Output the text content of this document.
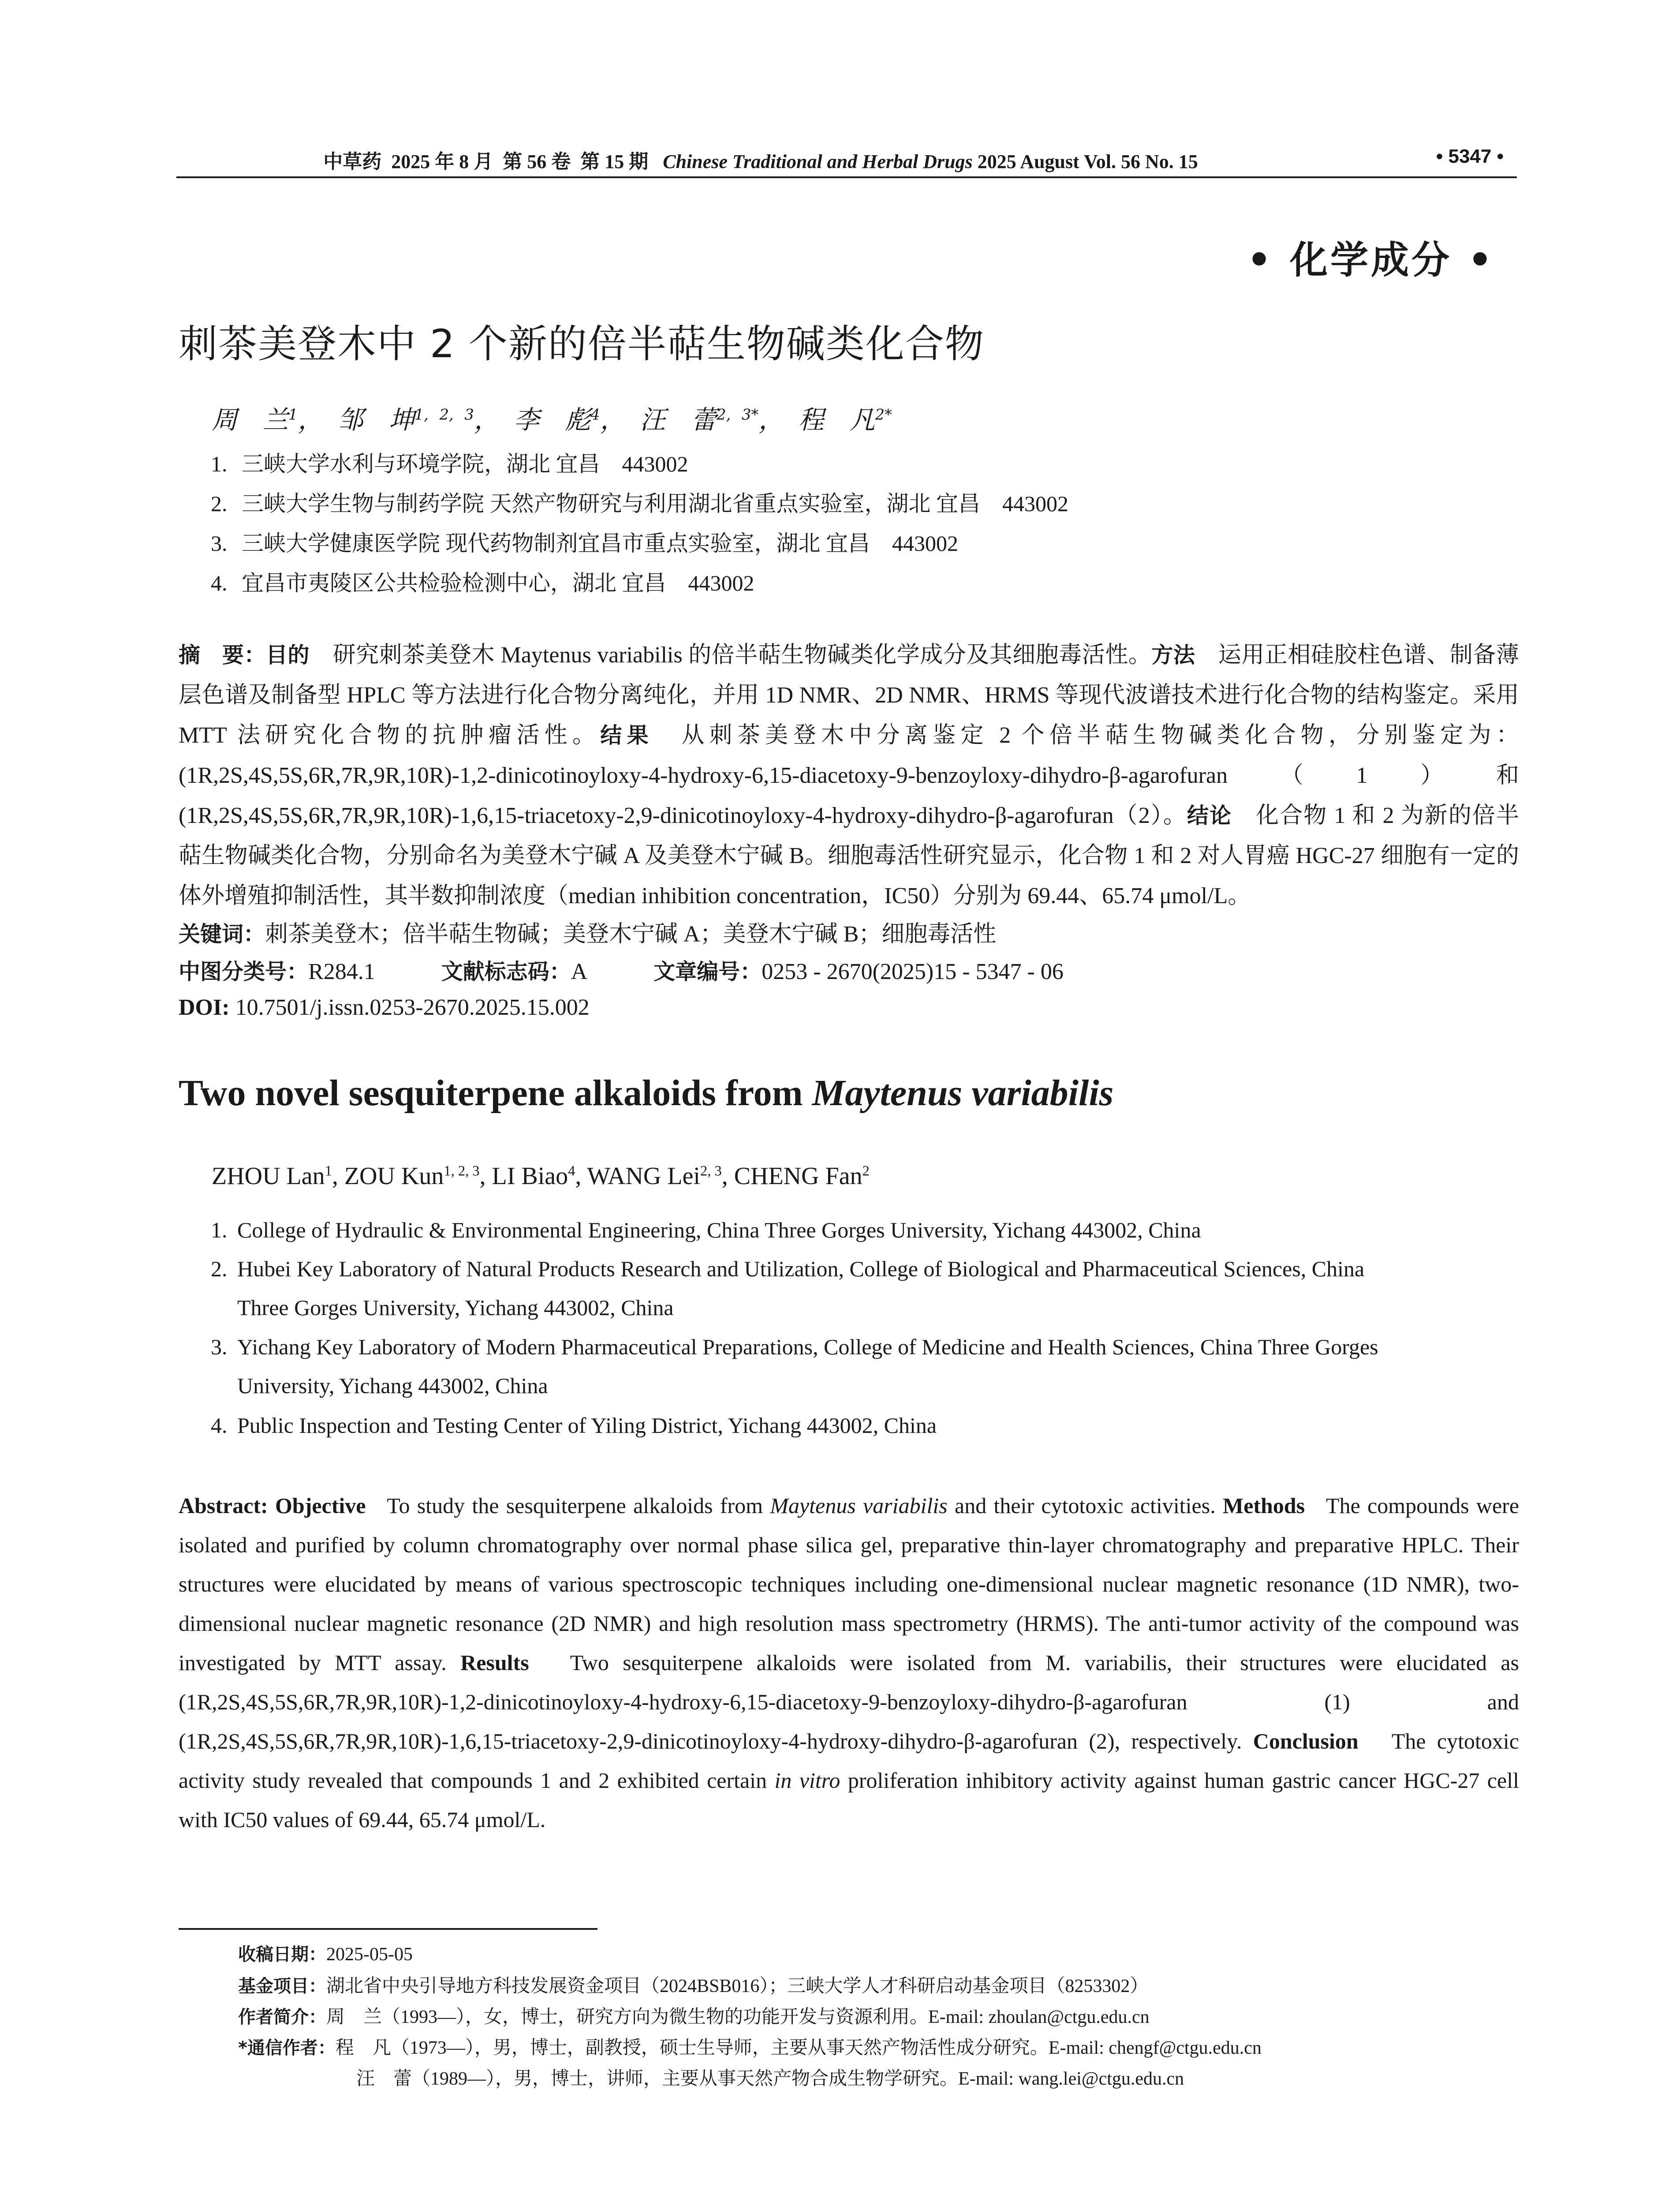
中草药 2025 年 8 月 第 56 卷 第 15 期 Chinese Traditional and Herbal Drugs 2025 August Vol. 56 No. 15	• 5347 •
• 化学成分 •
刺茶美登木中 2 个新的倍半萜生物碱类化合物
周　兰$^1$， 邹　坤$^{1, 2, 3}$， 李　彪$^4$， 汪　蕾$^{2, 3*}$， 程　凡$^{2*}$
1. 三峡大学水利与环境学院，湖北 宜昌　443002
2. 三峡大学生物与制药学院 天然产物研究与利用湖北省重点实验室，湖北 宜昌　443002
3. 三峡大学健康医学院 现代药物制剂宜昌市重点实验室，湖北 宜昌　443002
4. 宜昌市夷陵区公共检验检测中心，湖北 宜昌　443002
摘　要：目的　 研究刺茶美登木 Maytenus variabilis 的倍半萜生物碱类化学成分及其细胞毒活性。方法　 运用正相硅胶柱色谱、制备薄层色谱及制备型 HPLC 等方法进行化合物分离纯化，并用 1D NMR、2D NMR、HRMS 等现代波谱技术进行化合物的结构鉴定。采用 MTT 法研究化合物的抗肿瘤活性。结果　 从刺茶美登木中分离鉴定 2 个倍半萜生物碱类化合物，分别鉴定为：(1R,2S,4S,5S,6R,7R,9R,10R)-1,2-dinicotinoyloxy-4-hydroxy-6,15-diacetoxy-9-benzoyloxy-dihydro-β-agarofuran（1）和 (1R,2S,4S,5S,6R,7R,9R,10R)-1,6,15-triacetoxy-2,9-dinicotinoyloxy-4-hydroxy-dihydro-β-agarofuran（2）。结论　 化合物 1 和 2 为新的倍半萜生物碱类化合物，分别命名为美登木宁碱 A 及美登木宁碱 B。细胞毒活性研究显示，化合物 1 和 2 对人胃癌 HGC-27 细胞有一定的体外增殖抑制活性，其半数抑制浓度（median inhibition concentration，IC50）分别为 69.44、65.74 μmol/L。
关键词：刺茶美登木；倍半萜生物碱；美登木宁碱 A；美登木宁碱 B；细胞毒活性
中图分类号：R284.1	文献标志码：A	文章编号：0253 - 2670(2025)15 - 5347 - 06
DOI: 10.7501/j.issn.0253-2670.2025.15.002
Two novel sesquiterpene alkaloids from Maytenus variabilis
ZHOU Lan$^1$, ZOU Kun$^{1, 2, 3}$, LI Biao$^4$, WANG Lei$^{2, 3}$, CHENG Fan$^2$
1. College of Hydraulic & Environmental Engineering, China Three Gorges University, Yichang 443002, China
2. Hubei Key Laboratory of Natural Products Research and Utilization, College of Biological and Pharmaceutical Sciences, China
Three Gorges University, Yichang 443002, China
3. Yichang Key Laboratory of Modern Pharmaceutical Preparations, College of Medicine and Health Sciences, China Three Gorges
University, Yichang 443002, China
4. Public Inspection and Testing Center of Yiling District, Yichang 443002, China
Abstract: Objective To study the sesquiterpene alkaloids from Maytenus variabilis and their cytotoxic activities. Methods The compounds were isolated and purified by column chromatography over normal phase silica gel, preparative thin-layer chromatography and preparative HPLC. Their structures were elucidated by means of various spectroscopic techniques including one-dimensional nuclear magnetic resonance (1D NMR), two-dimensional nuclear magnetic resonance (2D NMR) and high resolution mass spectrometry (HRMS). The anti-tumor activity of the compound was investigated by MTT assay. Results Two sesquiterpene alkaloids were isolated from M. variabilis, their structures were elucidated as (1R,2S,4S,5S,6R,7R,9R,10R)-1,2-dinicotinoyloxy-4-hydroxy-6,15-diacetoxy-9-benzoyloxy-dihydro-β-agarofuran (1) and (1R,2S,4S,5S,6R,7R,9R,10R)-1,6,15-triacetoxy-2,9-dinicotinoyloxy-4-hydroxy-dihydro-β-agarofuran (2), respectively. Conclusion The cytotoxic activity study revealed that compounds 1 and 2 exhibited certain in vitro proliferation inhibitory activity against human gastric cancer HGC-27 cell with IC50 values of 69.44, 65.74 μmol/L.
收稿日期：2025-05-05
基金项目：湖北省中央引导地方科技发展资金项目（2024BSB016）；三峡大学人才科研启动基金项目（8253302）
作者简介：周　兰（1993—），女，博士，研究方向为微生物的功能开发与资源利用。E-mail: zhoulan@ctgu.edu.cn
*通信作者：程　凡（1973—），男，博士，副教授，硕士生导师，主要从事天然产物活性成分研究。E-mail: chengf@ctgu.edu.cn
汪　蕾（1989—），男，博士，讲师，主要从事天然产物合成生物学研究。E-mail: wang.lei@ctgu.edu.cn
